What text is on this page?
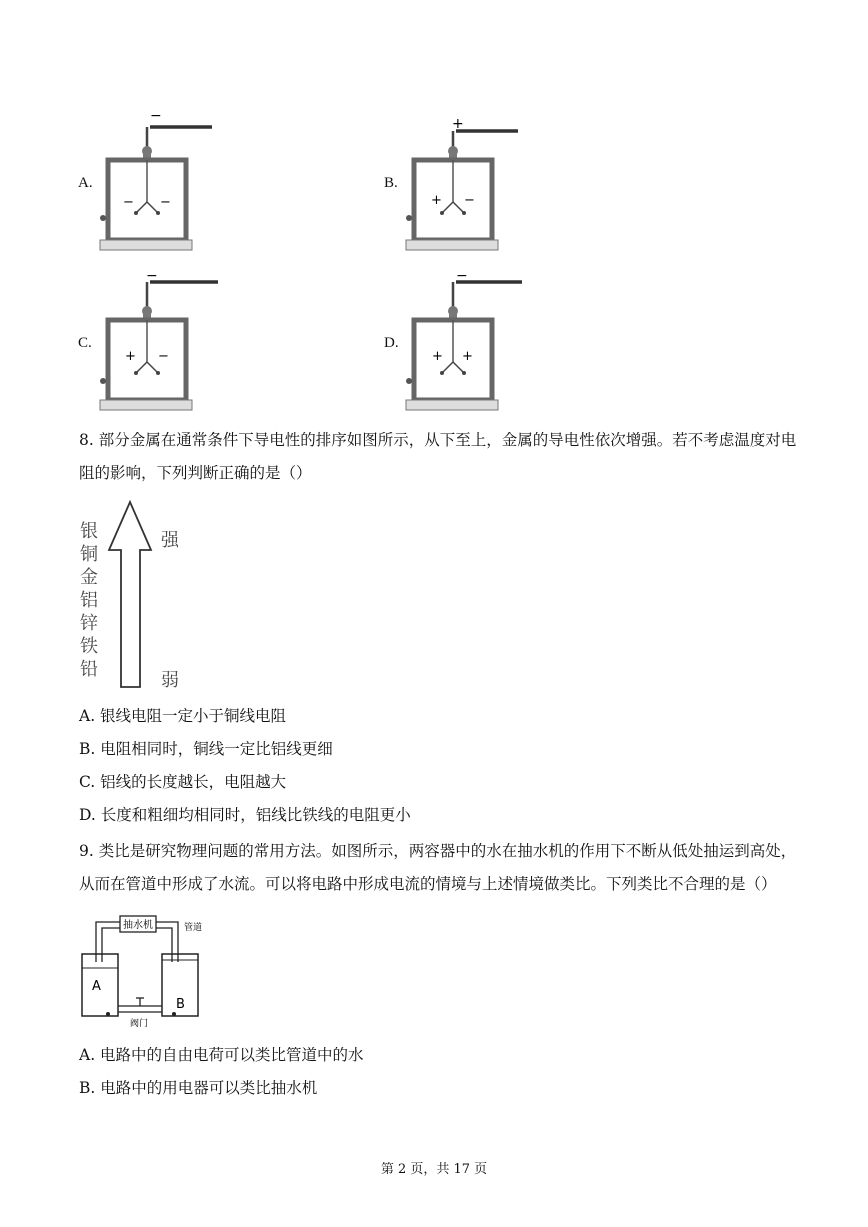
A.
−
− −
B.
+
+ −
C.
−
+ −
D.
−
+ +
8. 部分金属在通常条件下导电性的排序如图所示，从下至上，金属的导电性依次增强。若不考虑温度对电
阻的影响，下列判断正确的是（）
银
铜
金
铝
锌
铁
铅
强
弱
A. 银线电阻一定小于铜线电阻
B. 电阻相同时，铜线一定比铝线更细
C. 铝线的长度越长，电阻越大
D. 长度和粗细均相同时，铝线比铁线的电阻更小
9. 类比是研究物理问题的常用方法。如图所示，两容器中的水在抽水机的作用下不断从低处抽运到高处，
从而在管道中形成了水流。可以将电路中形成电流的情境与上述情境做类比。下列类比不合理的是（）
抽水机	管道
A
B
阀门
A. 电路中的自由电荷可以类比管道中的水
B. 电路中的用电器可以类比抽水机
第 2 页，共 17 页
